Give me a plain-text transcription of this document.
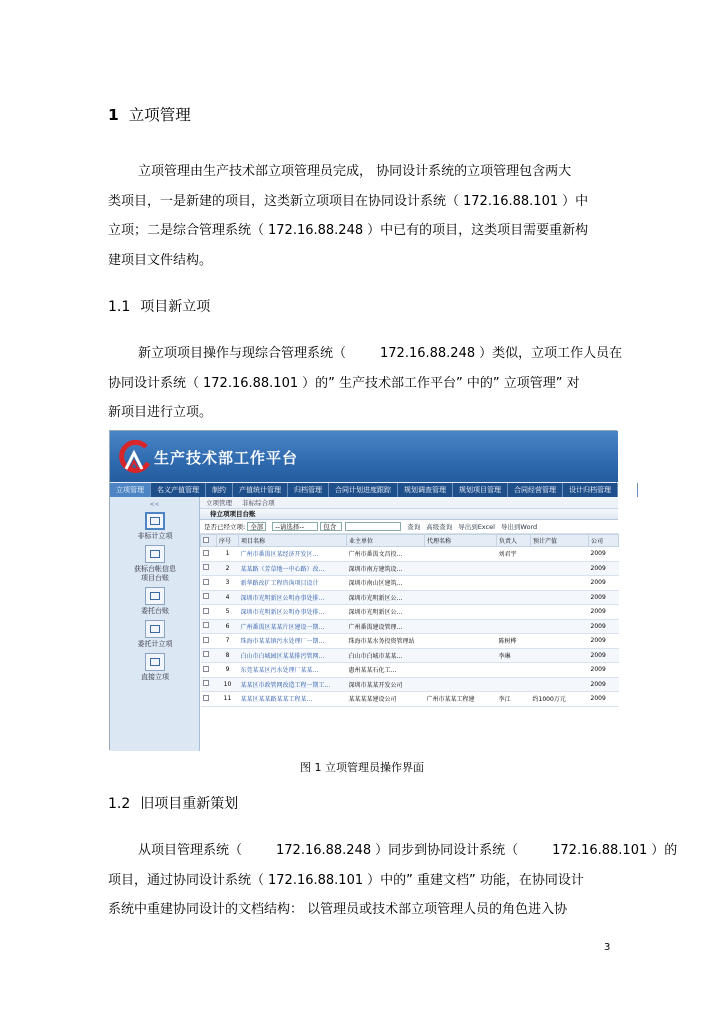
1 立项管理

立项管理由生产技术部立项管理员完成， 协同设计系统的立项管理包含两大

类项目，一是新建的项目，这类新立项项目在协同设计系统（ 172.16.88.101 ）中

立项；二是综合管理系统（ 172.16.88.248 ）中已有的项目，这类项目需要重新构

建项目文件结构。

1.1 项目新立项

新立项项目操作与现综合管理系统（	172.16.88.248 ）类似，立项工作人员在

协同设计系统（ 172.16.88.101 ）的” 生产技术部工作平台” 中的” 立项管理” 对

新项目进行立项。

生产技术部工作平台
立项管理	名义产值管理	制约	产值统计管理	归档管理	合同计划进度跟踪	规划调查管理	规划项目管理	合同经营管理	设计归档管理	公
<<
非标计立项
获标台帐信息
项目台账
委托台账
委托计立项
直接立项
立项管理 非标综合项
待立项项目台账
是否已经立项: 全部	--请选择--	包含	查询 高级查询 导出到Excel 导出到Word
	序号	项目名称	业主单位	代理名称	负责人	预计产值	公司
	1	广州市番禺区某经济开发区...	广州市番禺文昌投...		刘君宇		2009
	2	某某路（芳草地一中心路）改...	深圳市南方建筑设...				2009
	3	新华路改扩工程咨询项目设计	深圳市南山区建筑...				2009
	4	深圳市光明新区公明办事处排...	深圳市光明新区公...				2009
	5	深圳市光明新区公明办事处排...	深圳市光明新区公...				2009
	6	广州番禺区某某片区建设一期...	广州番禺建设管理...				2009
	7	珠海市某某镇污水处理厂一期...	珠海市某水务投资管理站		陈树桦		2009
	8	白山市白城园区某某排污管网...	白山市白城市某某...		李琳		2009
	9	东莞某某区污水处理厂某某...	惠州某某石化工...				2009
	10	某某区市政管网改造工程一期工...	深圳市某某开发公司				2009
	11	某某区某某路某某工程某...	某某某某建设公司	广州市某某工程建	李江	约1000万元	2009
图 1 立项管理员操作界面
1.2 旧项目重新策划

从项目管理系统（	172.16.88.248 ）同步到协同设计系统（	172.16.88.101 ）的

项目，通过协同设计系统（ 172.16.88.101 ）中的” 重建文档” 功能，在协同设计

系统中重建协同设计的文档结构： 以管理员或技术部立项管理人员的角色进入协

3
